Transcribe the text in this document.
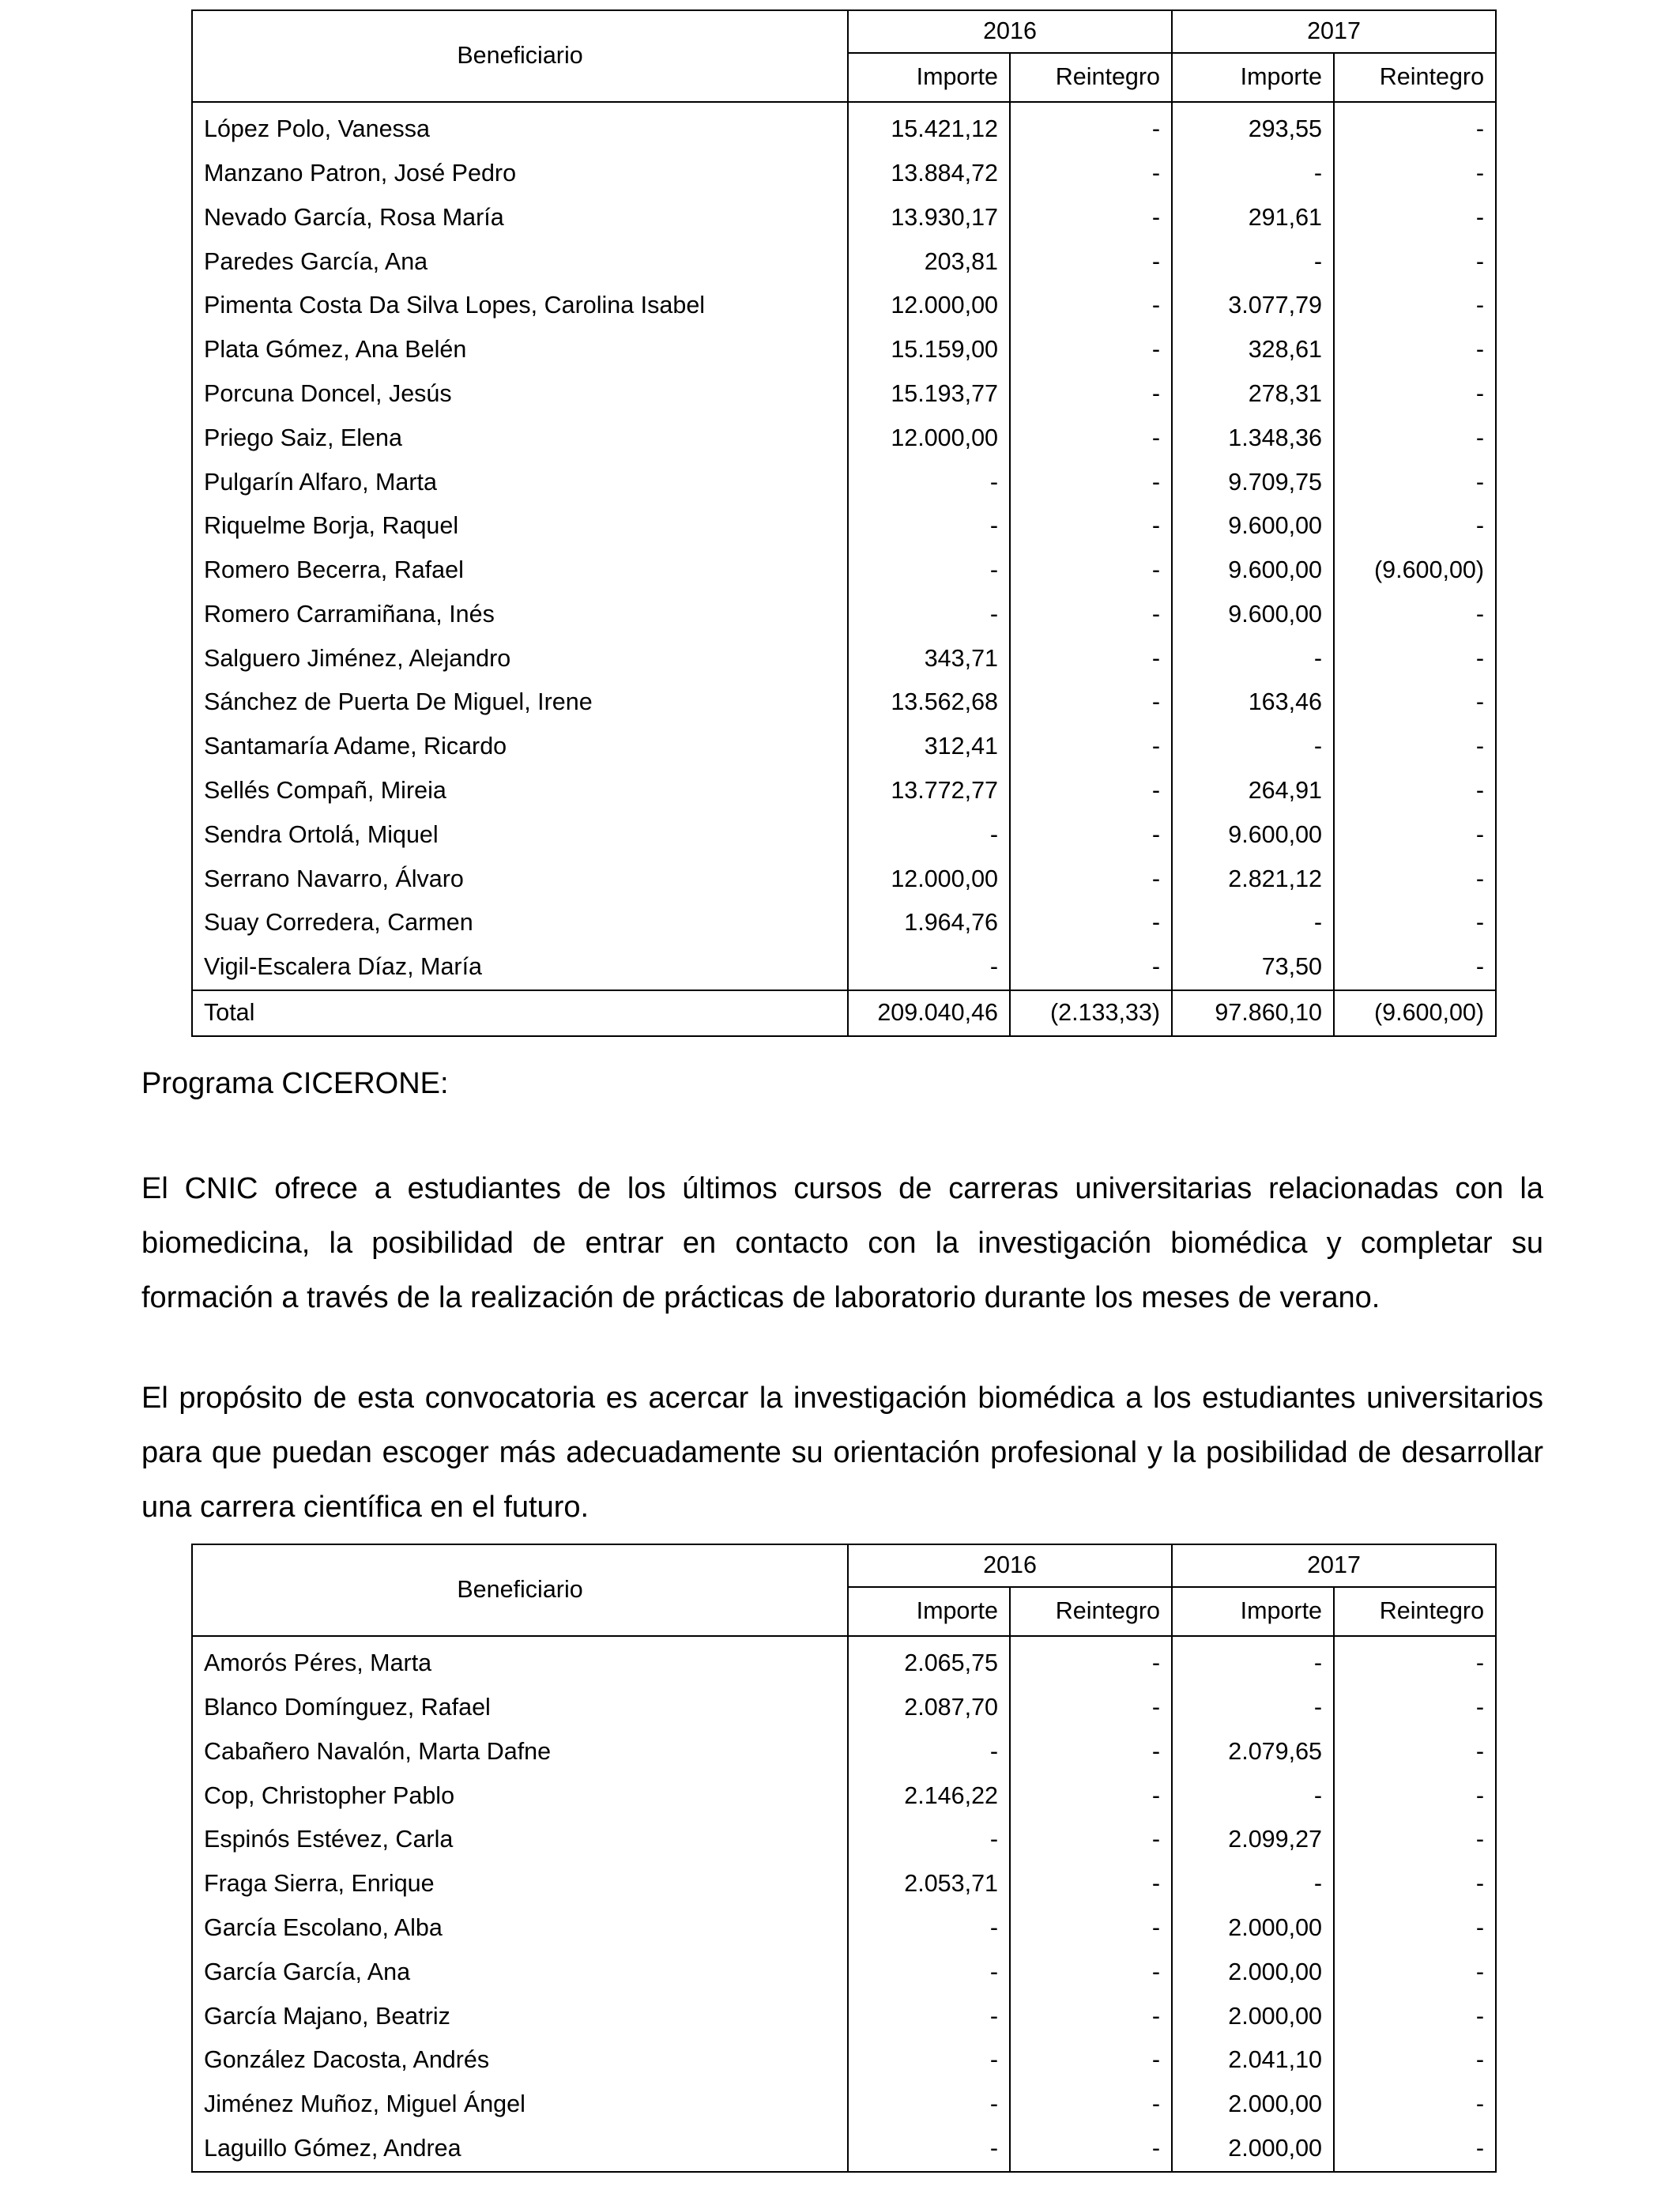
Beneficiario	2016		2017	
	Importe	Reintegro	Importe	Reintegro
López Polo, Vanessa	15.421,12	-	293,55	-
Manzano Patron, José Pedro	13.884,72	-	-	-
Nevado García, Rosa María	13.930,17	-	291,61	-
Paredes García, Ana	203,81	-	-	-
Pimenta Costa Da Silva Lopes, Carolina Isabel	12.000,00	-	3.077,79	-
Plata Gómez, Ana Belén	15.159,00	-	328,61	-
Porcuna Doncel, Jesús	15.193,77	-	278,31	-
Priego Saiz, Elena	12.000,00	-	1.348,36	-
Pulgarín Alfaro, Marta	-	-	9.709,75	-
Riquelme Borja, Raquel	-	-	9.600,00	-
Romero Becerra, Rafael	-	-	9.600,00	(9.600,00)
Romero Carramiñana, Inés	-	-	9.600,00	-
Salguero Jiménez, Alejandro	343,71	-	-	-
Sánchez de Puerta De Miguel, Irene	13.562,68	-	163,46	-
Santamaría Adame, Ricardo	312,41	-	-	-
Sellés Compañ, Mireia	13.772,77	-	264,91	-
Sendra Ortolá, Miquel	-	-	9.600,00	-
Serrano Navarro, Álvaro	12.000,00	-	2.821,12	-
Suay Corredera, Carmen	1.964,76	-	-	-
Vigil-Escalera Díaz, María	-	-	73,50	-
Total	209.040,46	(2.133,33)	97.860,10	(9.600,00)

Programa CICERONE:

El CNIC ofrece a estudiantes de los últimos cursos de carreras universitarias relacionadas con la biomedicina, la posibilidad de entrar en contacto con la investigación biomédica y completar su formación a través de la realización de prácticas de laboratorio durante los meses de verano.

El propósito de esta convocatoria es acercar la investigación biomédica a los estudiantes universitarios para que puedan escoger más adecuadamente su orientación profesional y la posibilidad de desarrollar una carrera científica en el futuro.

Beneficiario	2016		2017	
	Importe	Reintegro	Importe	Reintegro
Amorós Péres, Marta	2.065,75	-	-	-
Blanco Domínguez, Rafael	2.087,70	-	-	-
Cabañero Navalón, Marta Dafne	-	-	2.079,65	-
Cop, Christopher Pablo	2.146,22	-	-	-
Espinós Estévez, Carla	-	-	2.099,27	-
Fraga Sierra, Enrique	2.053,71	-	-	-
García Escolano, Alba	-	-	2.000,00	-
García García, Ana	-	-	2.000,00	-
García Majano, Beatriz	-	-	2.000,00	-
González Dacosta, Andrés	-	-	2.041,10	-
Jiménez Muñoz, Miguel Ángel	-	-	2.000,00	-
Laguillo Gómez, Andrea	-	-	2.000,00	-
